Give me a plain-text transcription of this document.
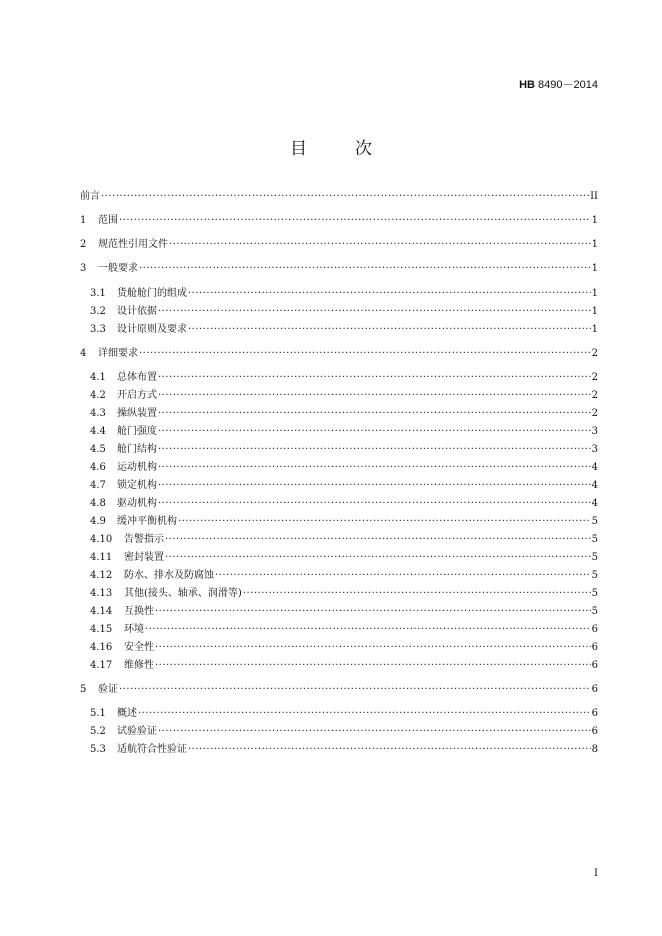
HB 8490－2014
目	次
前言 ·····	II
1	范围 ·····	1
2	规范性引用文件 ·····	1
3	一般要求 ·····	1
3.1	货舱舱门的组成 ·····	1
3.2	设计依据 ·····	1
3.3	设计原则及要求 ·····	1
4	详细要求 ·····	2
4.1	总体布置 ·····	2
4.2	开启方式 ·····	2
4.3	操纵装置 ·····	2
4.4	舱门强度 ·····	3
4.5	舱门结构 ·····	3
4.6	运动机构 ·····	4
4.7	锁定机构 ·····	4
4.8	驱动机构 ·····	4
4.9	缓冲平衡机构 ·····	5
4.10	告警指示 ·····	5
4.11	密封装置 ·····	5
4.12	防水、排水及防腐蚀 ·····	5
4.13	其他(接头、轴承、润滑等) ·····	5
4.14	互换性 ·····	5
4.15	环境 ·····	6
4.16	安全性 ·····	6
4.17	维修性 ·····	6
5	验证 ·····	6
5.1	概述 ·····	6
5.2	试验验证 ·····	6
5.3	适航符合性验证 ·····	8
I
